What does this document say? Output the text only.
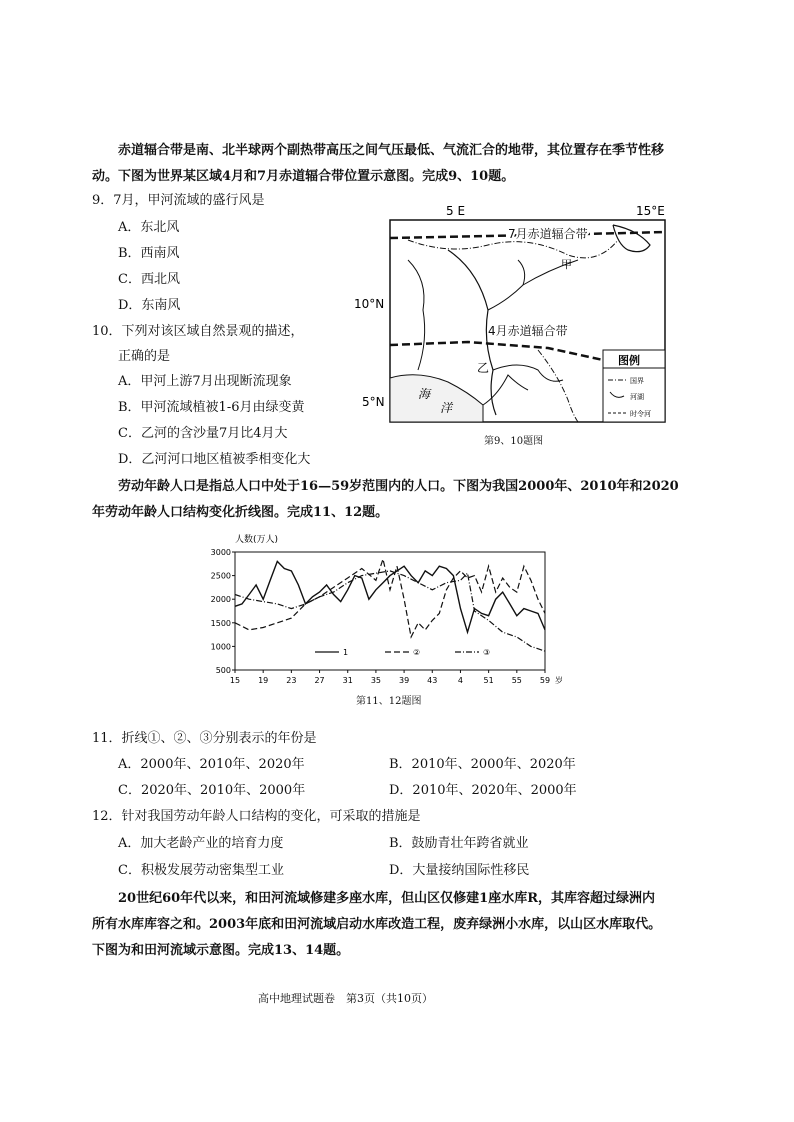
赤道辐合带是南、北半球两个副热带高压之间气压最低、气流汇合的地带，其位置存在季节性移
动。下图为世界某区域4月和7月赤道辐合带位置示意图。完成9、10题。
9．7月，甲河流域的盛行风是
A．东北风
B．西南风
C．西北风
D．东南风
10．下列对该区域自然景观的描述，
正确的是
A．甲河上游7月出现断流现象
B．甲河流域植被1-6月由绿变黄
C．乙河的含沙量7月比4月大
D．乙河河口地区植被季相变化大
5 E	15°E
10°N
5°N
7月赤道辐合带
4月赤道辐合带
甲
乙
海
洋
图例
国界
河湖
时令河
第9、10题图
劳动年龄人口是指总人口中处于16—59岁范围内的人口。下图为我国2000年、2010年和2020
年劳动年龄人口结构变化折线图。完成11、12题。
人数(万人)
3000
2500
2000
1500
1000
500
15 19 23 27 31 35 39 43	4	51 55 59 岁
1	②	③
第11、12题图
11．折线①、②、③分别表示的年份是
A．2000年、2010年、2020年	B．2010年、2000年、2020年
C．2020年、2010年、2000年	D．2010年、2020年、2000年
12．针对我国劳动年龄人口结构的变化，可采取的措施是
A．加大老龄产业的培育力度	B．鼓励青壮年跨省就业
C．积极发展劳动密集型工业	D．大量接纳国际性移民
20世纪60年代以来，和田河流域修建多座水库，但山区仅修建1座水库R，其库容超过绿洲内
所有水库库容之和。2003年底和田河流域启动水库改造工程，废弃绿洲小水库，以山区水库取代。
下图为和田河流域示意图。完成13、14题。
高中地理试题卷　第3页（共10页）
